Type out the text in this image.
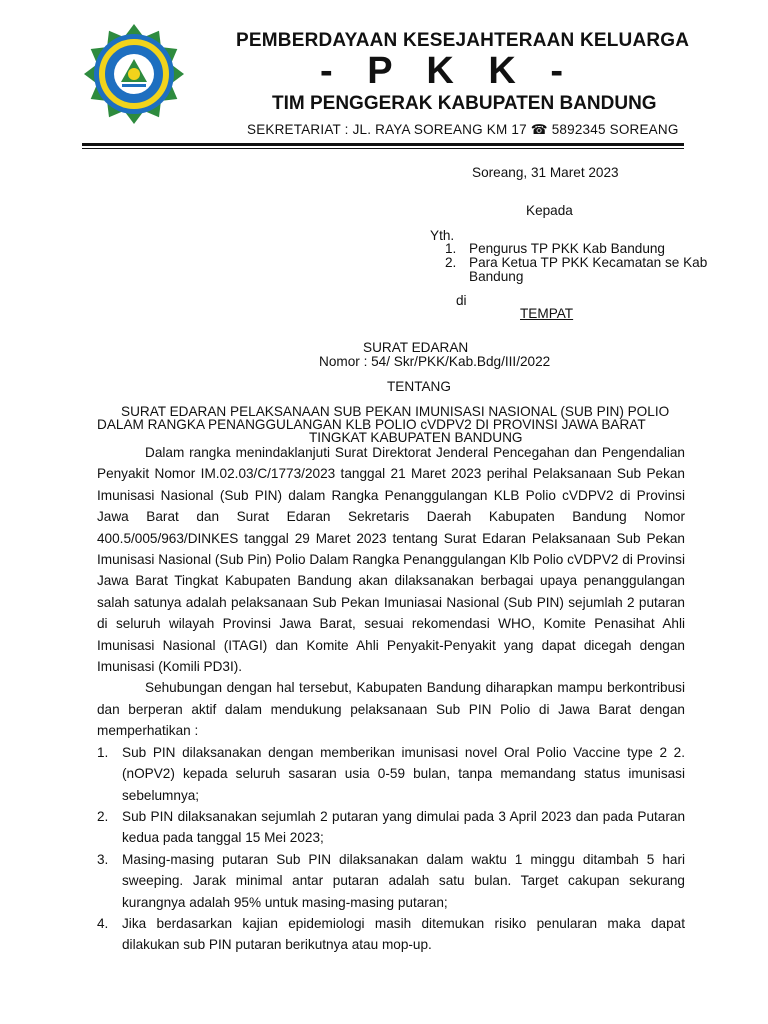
PEMBERDAYAAN KESEJAHTERAAN KELUARGA
- P K K -
TIM PENGGERAK KABUPATEN BANDUNG
SEKRETARIAT : JL. RAYA SOREANG KM 17 ☎ 5892345 SOREANG
Soreang, 31 Maret 2023
Kepada
Yth.
1. Pengurus TP PKK Kab Bandung
2. Para Ketua TP PKK Kecamatan se Kab
Bandung
di
TEMPAT
SURAT EDARAN
Nomor : 54/ Skr/PKK/Kab.Bdg/III/2022
TENTANG
SURAT EDARAN PELAKSANAAN SUB PEKAN IMUNISASI NASIONAL (SUB PIN) POLIO
DALAM RANGKA PENANGGULANGAN KLB POLIO cVDPV2 DI PROVINSI JAWA BARAT
TINGKAT KABUPATEN BANDUNG

Dalam rangka menindaklanjuti Surat Direktorat Jenderal Pencegahan dan Pengendalian Penyakit Nomor IM.02.03/C/1773/2023 tanggal 21 Maret 2023 perihal Pelaksanaan Sub Pekan Imunisasi Nasional (Sub PIN) dalam Rangka Penanggulangan KLB Polio cVDPV2 di Provinsi Jawa Barat dan Surat Edaran Sekretaris Daerah Kabupaten Bandung Nomor 400.5/005/963/DINKES tanggal 29 Maret 2023 tentang Surat Edaran Pelaksanaan Sub Pekan Imunisasi Nasional (Sub Pin) Polio Dalam Rangka Penanggulangan Klb Polio cVDPV2 di Provinsi Jawa Barat Tingkat Kabupaten Bandung akan dilaksanakan berbagai upaya penanggulangan salah satunya adalah pelaksanaan Sub Pekan Imuniasai Nasional (Sub PIN) sejumlah 2 putaran di seluruh wilayah Provinsi Jawa Barat, sesuai rekomendasi WHO, Komite Penasihat Ahli Imunisasi Nasional (ITAGI) dan Komite Ahli Penyakit-Penyakit yang dapat dicegah dengan Imunisasi (Komili PD3I).

Sehubungan dengan hal tersebut, Kabupaten Bandung diharapkan mampu berkontribusi dan berperan aktif dalam mendukung pelaksanaan Sub PIN Polio di Jawa Barat dengan memperhatikan :

1. Sub PIN dilaksanakan dengan memberikan imunisasi novel Oral Polio Vaccine type 2 2. (nOPV2) kepada seluruh sasaran usia 0-59 bulan, tanpa memandang status imunisasi sebelumnya;
2. Sub PIN dilaksanakan sejumlah 2 putaran yang dimulai pada 3 April 2023 dan pada Putaran kedua pada tanggal 15 Mei 2023;
3. Masing-masing putaran Sub PIN dilaksanakan dalam waktu 1 minggu ditambah 5 hari sweeping. Jarak minimal antar putaran adalah satu bulan. Target cakupan sekurang kurangnya adalah 95% untuk masing-masing putaran;
4. Jika berdasarkan kajian epidemiologi masih ditemukan risiko penularan maka dapat dilakukan sub PIN putaran berikutnya atau mop-up.
